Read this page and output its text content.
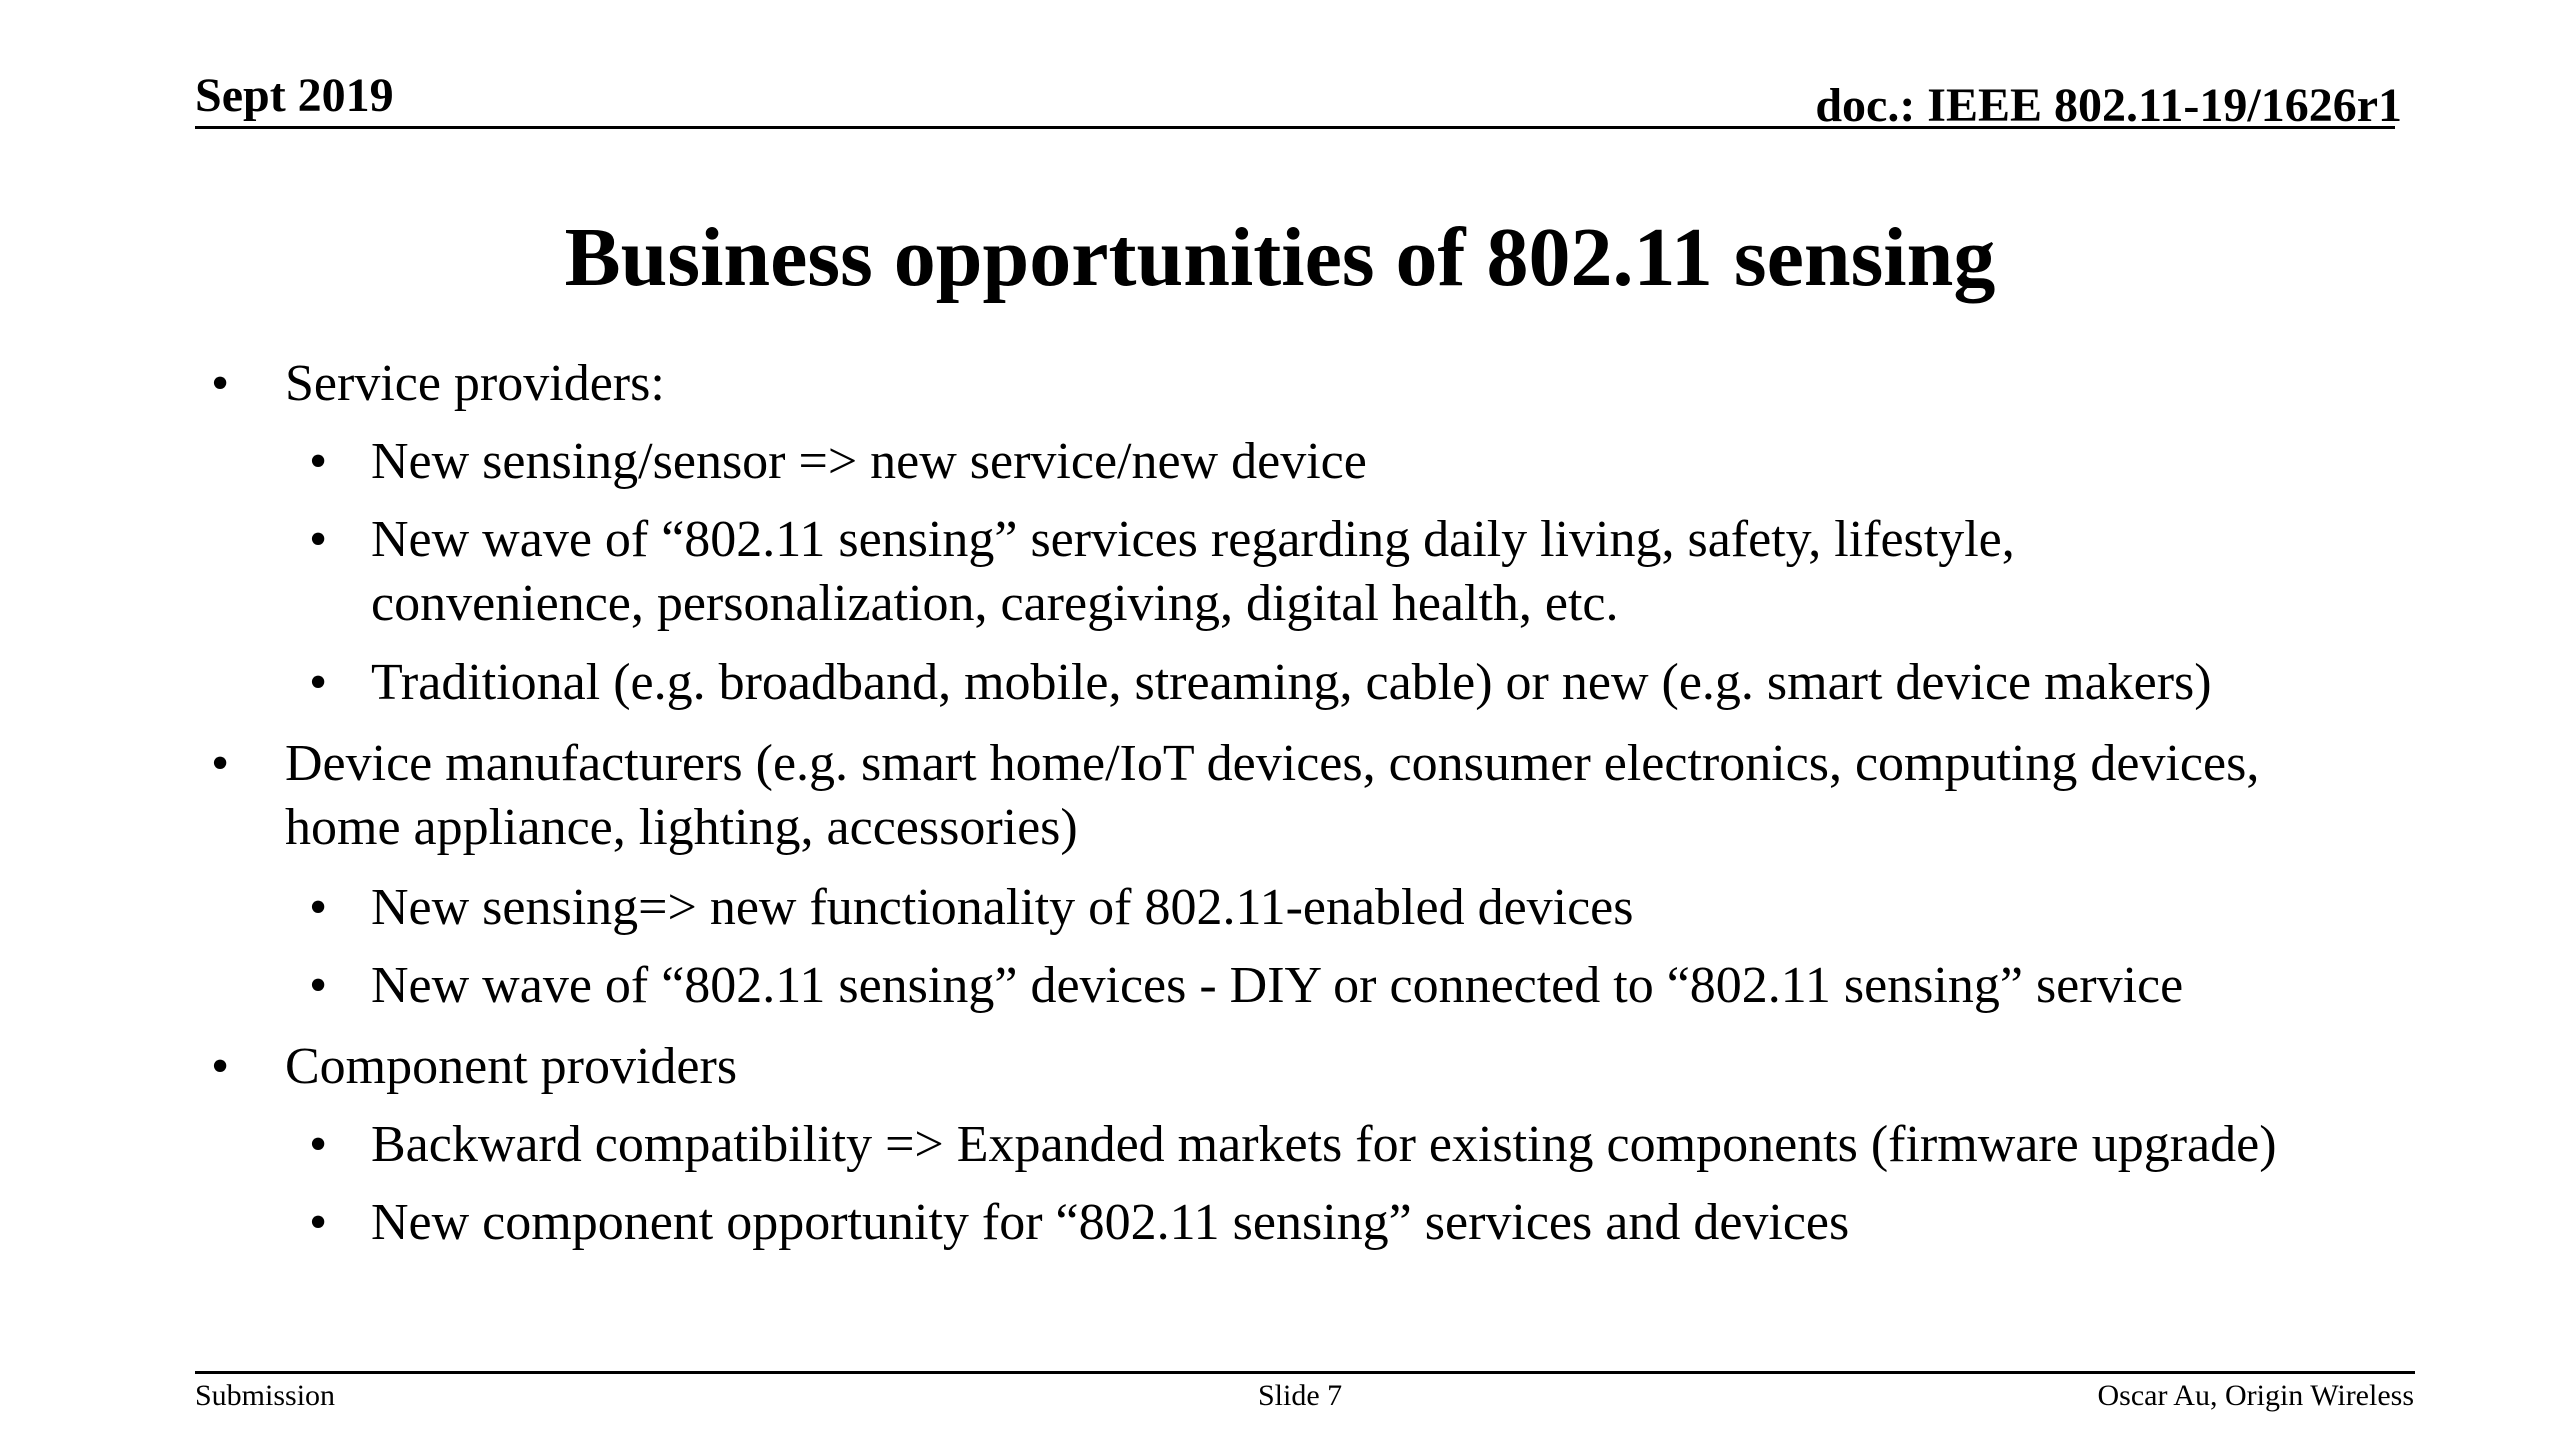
Sept 2019	doc.: IEEE 802.11-19/1626r1
Business opportunities of 802.11 sensing
• Service providers:
• New sensing/sensor => new service/new device
• New wave of “802.11 sensing” services regarding daily living, safety, lifestyle,
convenience, personalization, caregiving, digital health, etc.
• Traditional (e.g. broadband, mobile, streaming, cable) or new (e.g. smart device makers)
• Device manufacturers (e.g. smart home/IoT devices, consumer electronics, computing devices,
home appliance, lighting, accessories)
• New sensing=> new functionality of 802.11-enabled devices
• New wave of “802.11 sensing” devices - DIY or connected to “802.11 sensing” service
• Component providers
• Backward compatibility => Expanded markets for existing components (firmware upgrade)
• New component opportunity for “802.11 sensing” services and devices
Submission	Slide 7	Oscar Au, Origin Wireless
